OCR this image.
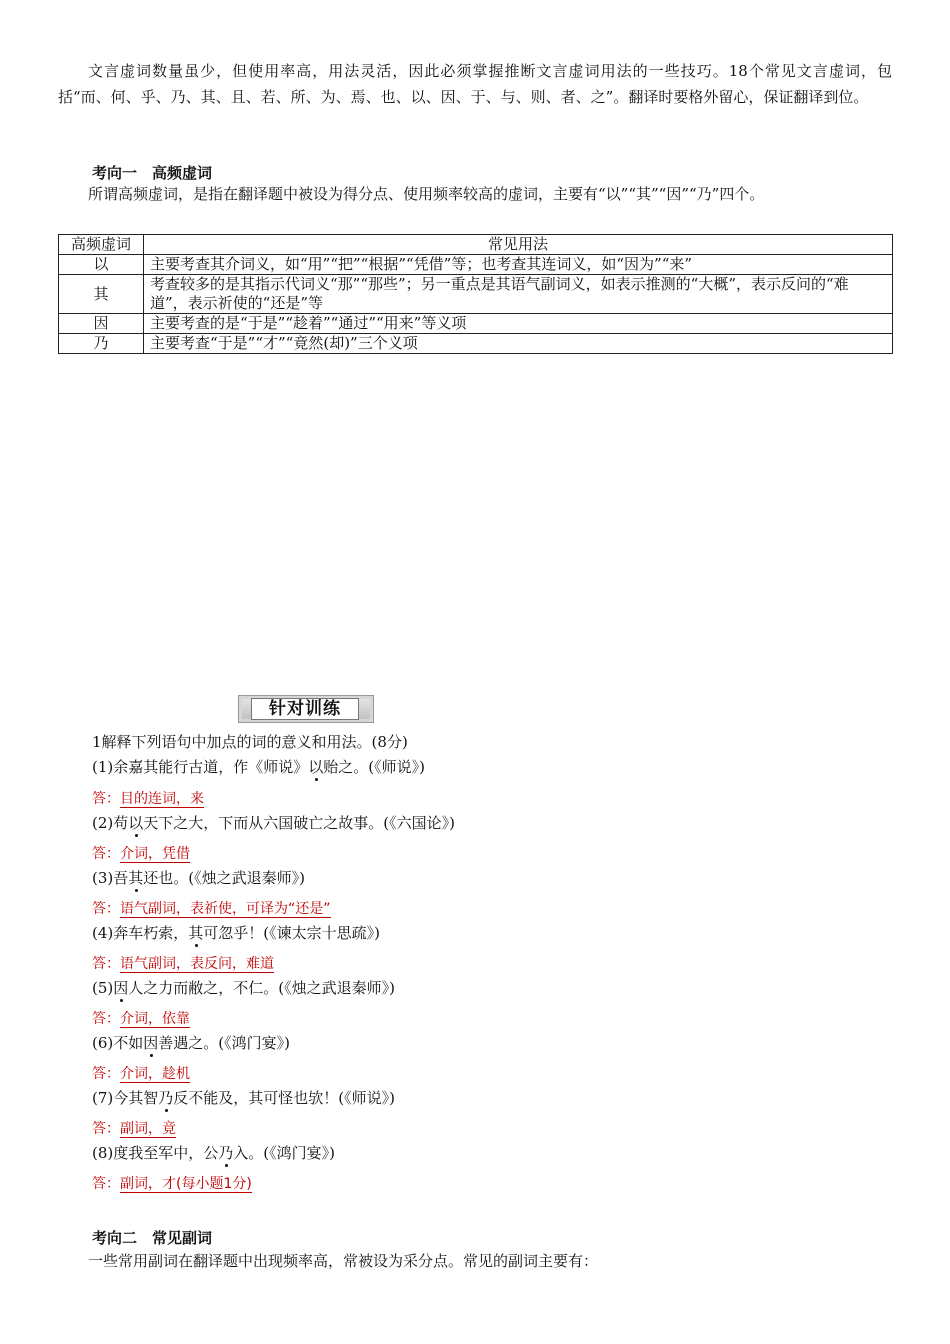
文言虚词数量虽少，但使用率高，用法灵活，因此必须掌握推断文言虚词用法的一些技巧。18个常见文言虚词，包括“而、何、乎、乃、其、且、若、所、为、焉、也、以、因、于、与、则、者、之”。翻译时要格外留心，保证翻译到位。
考向一　高频虚词
所谓高频虚词，是指在翻译题中被设为得分点、使用频率较高的虚词，主要有“以”“其”“因”“乃”四个。
高频虚词	常见用法
以	主要考查其介词义，如“用”“把”“根据”“凭借”等；也考查其连词义，如“因为”“来”
其	考查较多的是其指示代词义“那”“那些”；另一重点是其语气副词义，如表示推测的“大概”，表示反问的“难道”，表示祈使的“还是”等
因	主要考查的是“于是”“趁着”“通过”“用来”等义项
乃	主要考查“于是”“才”“竟然(却)”三个义项
针对训练
1解释下列语句中加点的词的意义和用法。(8分)
(1)余嘉其能行古道，作《师说》以贻之。(《师说》)
答：目的连词，来
(2)苟以天下之大，下而从六国破亡之故事。(《六国论》)
答：介词，凭借
(3)吾其还也。(《烛之武退秦师》)
答：语气副词，表祈使，可译为“还是”
(4)奔车朽索，其可忽乎！(《谏太宗十思疏》)
答：语气副词，表反问，难道
(5)因人之力而敝之，不仁。(《烛之武退秦师》)
答：介词，依靠
(6)不如因善遇之。(《鸿门宴》)
答：介词，趁机
(7)今其智乃反不能及，其可怪也欤！(《师说》)
答：副词，竟
(8)度我至军中，公乃入。(《鸿门宴》)
答：副词，才(每小题1分)
考向二　常见副词
一些常用副词在翻译题中出现频率高，常被设为采分点。常见的副词主要有：
